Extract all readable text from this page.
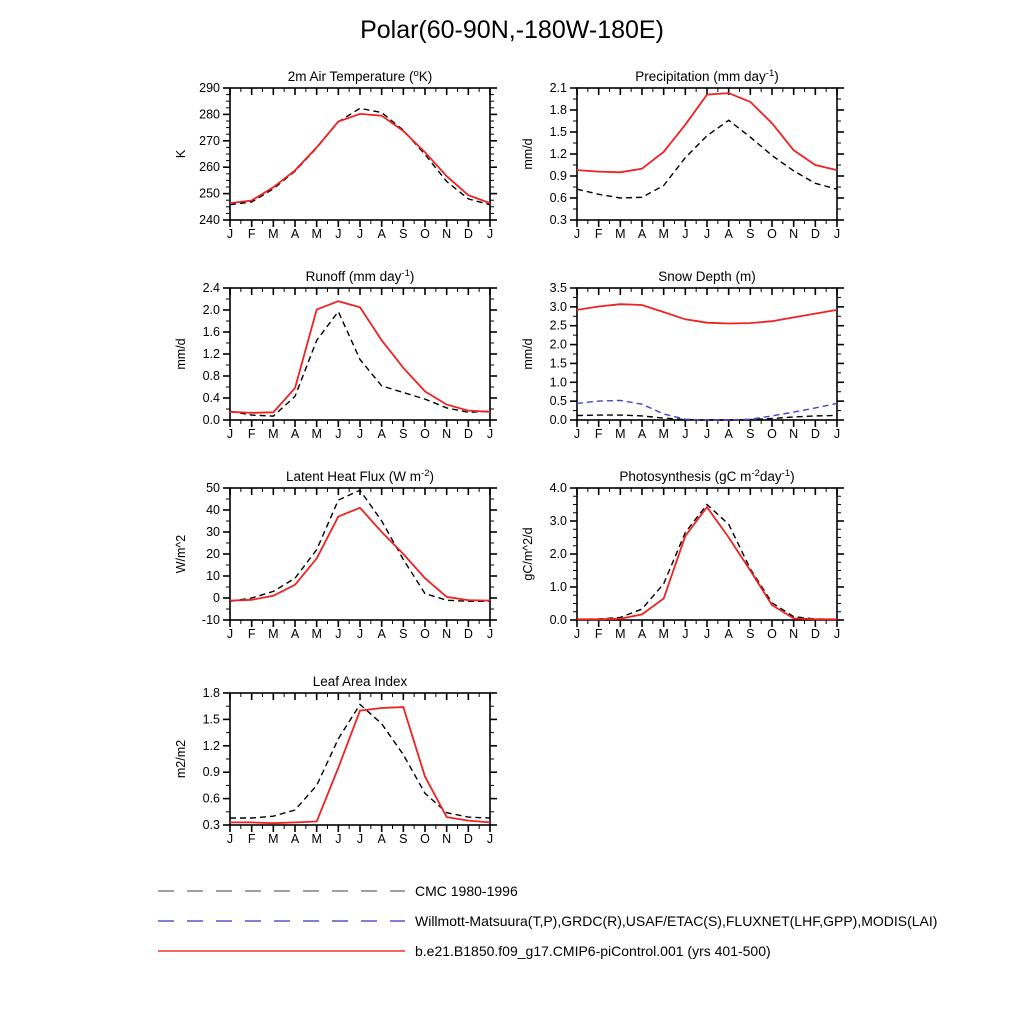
Polar(60-90N,-180W-180E)
J F M A M J J A S O N D J
240
250
260
270
280
290
K
2m Air Temperature ($^o$K)
J F M A M J J A S O N D J
0.3
0.6
0.9
1.2
1.5
1.8
2.1
mm/d
Precipitation (mm day$^{-1}$)
J F M A M J J A S O N D J
0.0
0.4
0.8
1.2
1.6
2.0
2.4
mm/d
Runoff (mm day$^{-1}$)
J F M A M J J A S O N D J
0.0
0.5
1.0
1.5
2.0
2.5
3.0
3.5
mm/d
Snow Depth (m)
J F M A M J J A S O N D J
-10
0
10
20
30
40
50
W/m^2
Latent Heat Flux (W $m^{-2}$)
J F M A M J J A S O N D J
0.0
1.0
2.0
3.0
4.0
gC/m^2/d
Photosynthesis (gC $m^{-2}day^{-1}$)
J F M A M J J A S O N D J
0.3
0.6
0.9
1.2
1.5
1.8
m2/m2
Leaf Area Index
CMC 1980-1996
Willmott-Matsuura(T,P),GRDC(R),USAF/ETAC(S),FLUXNET(LHF,GPP),MODIS(LAI)
b.e21.B1850.f09_g17.CMIP6-piControl.001 (yrs 401-500)
